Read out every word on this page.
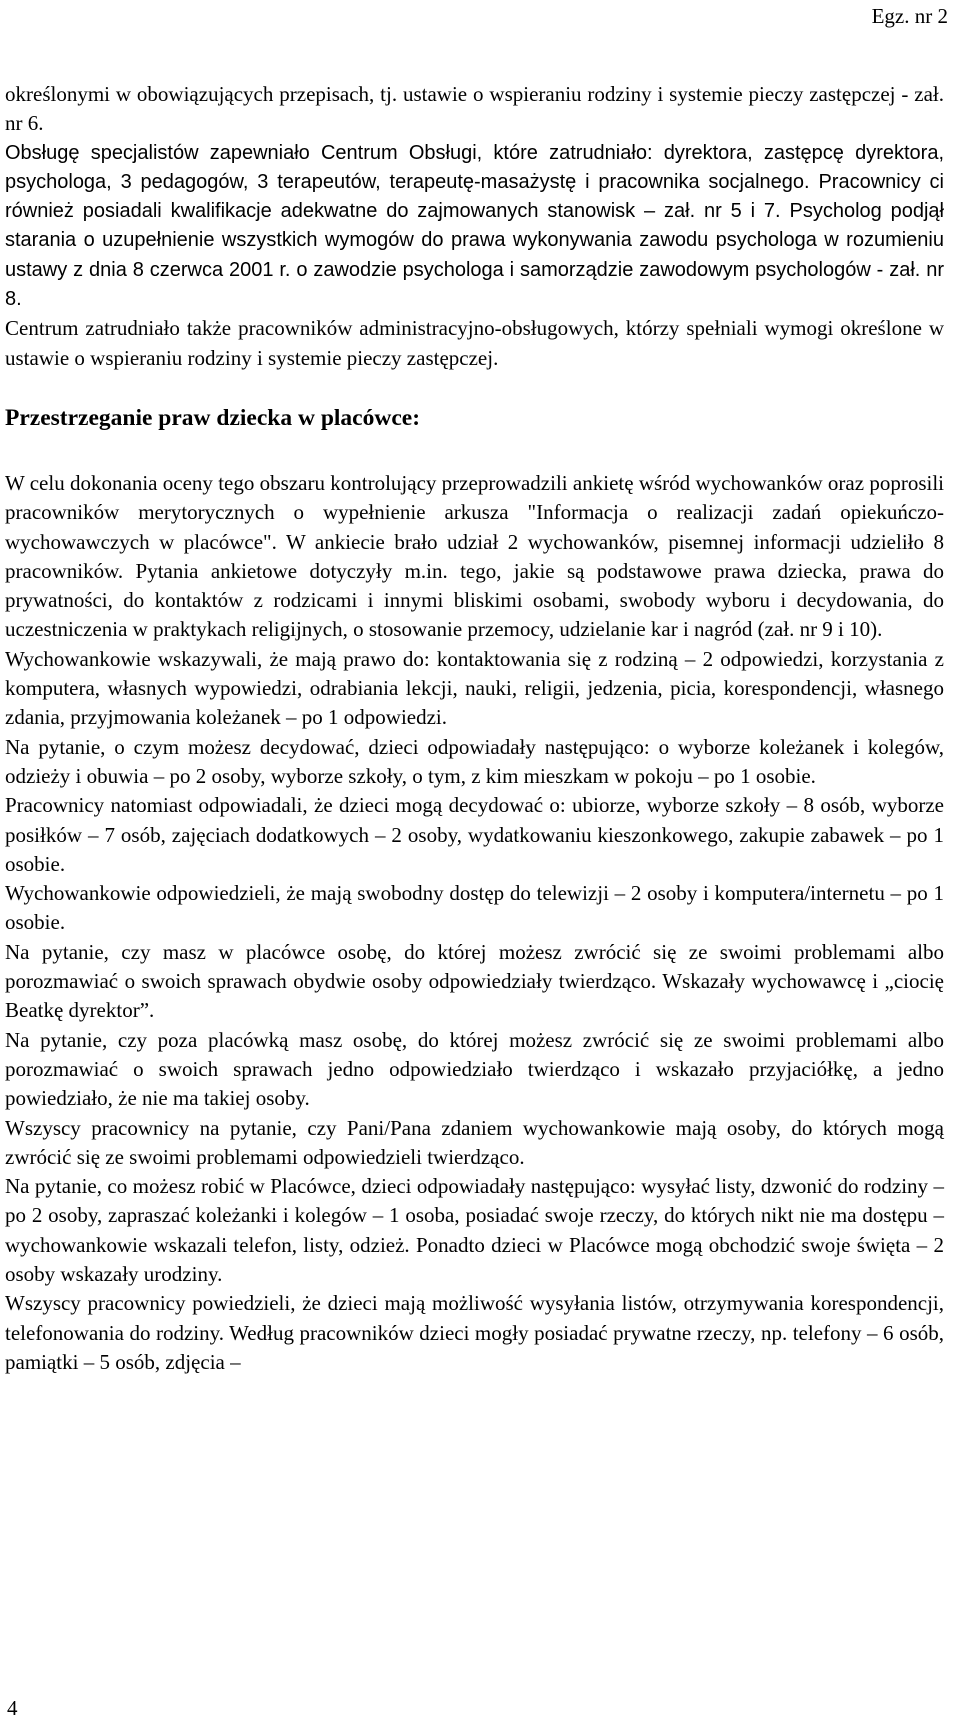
Egz. nr 2

określonymi w obowiązujących przepisach, tj. ustawie o wspieraniu rodziny i systemie pieczy zastępczej - zał. nr 6.

Obsługę specjalistów zapewniało Centrum Obsługi, które zatrudniało: dyrektora, zastępcę dyrektora, psychologa, 3 pedagogów, 3 terapeutów, terapeutę-masażystę i pracownika socjalnego. Pracownicy ci również posiadali kwalifikacje adekwatne do zajmowanych stanowisk – zał. nr 5 i 7. Psycholog podjął starania o uzupełnienie wszystkich wymogów do prawa wykonywania zawodu psychologa w rozumieniu ustawy z dnia 8 czerwca 2001 r. o zawodzie psychologa i samorządzie zawodowym psychologów - zał. nr 8.

Centrum zatrudniało także pracowników administracyjno-obsługowych, którzy spełniali wymogi określone w ustawie o wspieraniu rodziny i systemie pieczy zastępczej.

Przestrzeganie praw dziecka w placówce:

W celu dokonania oceny tego obszaru kontrolujący przeprowadzili ankietę wśród wychowanków oraz poprosili pracowników merytorycznych o wypełnienie arkusza "Informacja o realizacji zadań opiekuńczo-wychowawczych w placówce". W ankiecie brało udział 2 wychowanków, pisemnej informacji udzieliło 8 pracowników. Pytania ankietowe dotyczyły m.in. tego, jakie są podstawowe prawa dziecka, prawa do prywatności, do kontaktów z rodzicami i innymi bliskimi osobami, swobody wyboru i decydowania, do uczestniczenia w praktykach religijnych, o stosowanie przemocy, udzielanie kar i nagród (zał. nr 9 i 10).

Wychowankowie wskazywali, że mają prawo do: kontaktowania się z rodziną – 2 odpowiedzi, korzystania z komputera, własnych wypowiedzi, odrabiania lekcji, nauki, religii, jedzenia, picia, korespondencji, własnego zdania, przyjmowania koleżanek – po 1 odpowiedzi.

Na pytanie, o czym możesz decydować, dzieci odpowiadały następująco: o wyborze koleżanek i kolegów, odzieży i obuwia – po 2 osoby, wyborze szkoły, o tym, z kim mieszkam w pokoju – po 1 osobie.

Pracownicy natomiast odpowiadali, że dzieci mogą decydować o: ubiorze, wyborze szkoły – 8 osób, wyborze posiłków – 7 osób, zajęciach dodatkowych – 2 osoby, wydatkowaniu kieszonkowego, zakupie zabawek – po 1 osobie.

Wychowankowie odpowiedzieli, że mają swobodny dostęp do telewizji – 2 osoby i komputera/internetu – po 1 osobie.

Na pytanie, czy masz w placówce osobę, do której możesz zwrócić się ze swoimi problemami albo porozmawiać o swoich sprawach obydwie osoby odpowiedziały twierdząco. Wskazały wychowawcę i „ciocię Beatkę dyrektor”.

Na pytanie, czy poza placówką masz osobę, do której możesz zwrócić się ze swoimi problemami albo porozmawiać o swoich sprawach jedno odpowiedziało twierdząco i wskazało przyjaciółkę, a jedno powiedziało, że nie ma takiej osoby.

Wszyscy pracownicy na pytanie, czy Pani/Pana zdaniem wychowankowie mają osoby, do których mogą zwrócić się ze swoimi problemami odpowiedzieli twierdząco.

Na pytanie, co możesz robić w Placówce, dzieci odpowiadały następująco: wysyłać listy, dzwonić do rodziny – po 2 osoby, zapraszać koleżanki i kolegów – 1 osoba, posiadać swoje rzeczy, do których nikt nie ma dostępu – wychowankowie wskazali telefon, listy, odzież. Ponadto dzieci w Placówce mogą obchodzić swoje święta – 2 osoby wskazały urodziny.

Wszyscy pracownicy powiedzieli, że dzieci mają możliwość wysyłania listów, otrzymywania korespondencji, telefonowania do rodziny. Według pracowników dzieci mogły posiadać prywatne rzeczy, np. telefony – 6 osób, pamiątki – 5 osób, zdjęcia –

4
